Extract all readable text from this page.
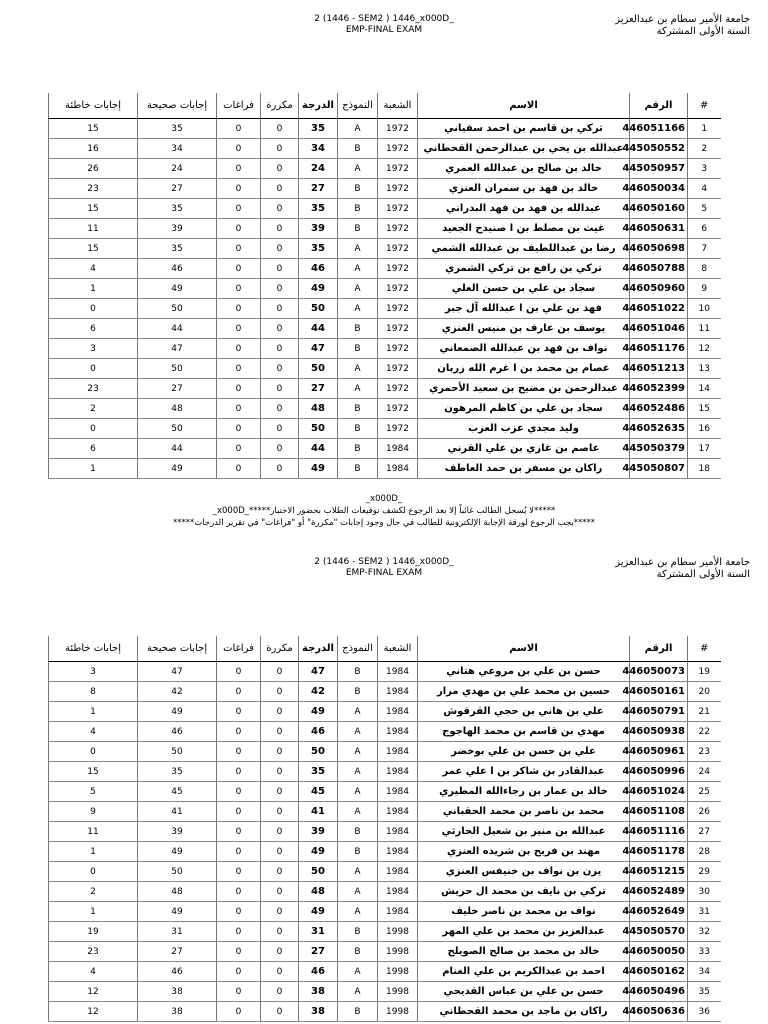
2 (1446 - SEM2 ) 1446_x000D_
EMP-FINAL EXAM
جامعة الأمير سطام بن عبدالعزيز
السنة الأولى المشتركة
#	الرقم	الاسم	الشعبة	النموذج	الدرجة	مكررة	فراغات	إجابات صحيحة	إجابات خاطئة
1	446051166	تركي بن قاسم بن احمد سفياني	1972	A	35	0	0	35	15
2	445050552	عبدالله بن يحي بن عبدالرحمن القحطاني	1972	B	34	0	0	34	16
3	445050957	خالد بن صالح بن عبدالله العمري	1972	A	24	0	0	24	26
4	446050034	خالد بن فهد بن سمران العنزي	1972	B	27	0	0	27	23
5	446050160	عبدالله بن فهد بن فهد البدراني	1972	B	35	0	0	35	15
6	446050631	غيث بن مصلط بن ا صنيدح الجعيد	1972	B	39	0	0	39	11
7	446050698	رضا بن عبداللطيف بن عبدالله الشمي	1972	A	35	0	0	35	15
8	446050788	تركي بن رافع بن تركي الشمري	1972	A	46	0	0	46	4
9	446050960	سجاد بن علي بن حسن العلي	1972	A	49	0	0	49	1
10	446051022	فهد بن علي بن ا عبدالله آل جبر	1972	A	50	0	0	50	0
11	446051046	يوسف بن عارف بن منيس العنزي	1972	B	44	0	0	44	6
12	446051176	نواف بن فهد بن عبدالله الصمعاني	1972	B	47	0	0	47	3
13	446051213	عصام بن محمد بن ا غرم الله زربان	1972	A	50	0	0	50	0
14	446052399	عبدالرحمن بن مضيح بن سعيد الأحمري	1972	A	27	0	0	27	23
15	446052486	سجاد بن علي بن كاظم المرهون	1972	B	48	0	0	48	2
16	446052635	وليد مجدي عزب العزب	1972	B	50	0	0	50	0
17	445050379	عاصم بن غازي بن علي القرني	1984	B	44	0	0	44	6
18	445050807	راكان بن مسفر بن حمد العاطف	1984	B	49	0	0	49	1
_x000D_
*****لا يُسجل الطالب غائباً إلا بعد الرجوع لكشف توقيعات الطلاب بحضور الاختبار*****_x000D_
*****يجب الرجوع لورقة الإجابة الإلكترونية للطالب في حال وجود إجابات "مكررة" أو "فراغات" في تقرير الدرجات*****
2 (1446 - SEM2 ) 1446_x000D_
EMP-FINAL EXAM
جامعة الأمير سطام بن عبدالعزيز
السنة الأولى المشتركة
#	الرقم	الاسم	الشعبة	النموذج	الدرجة	مكررة	فراغات	إجابات صحيحة	إجابات خاطئة
19	446050073	حسن بن علي بن مروعي هتاني	1984	B	47	0	0	47	3
20	446050161	حسين بن محمد علي بن مهدي مرار	1984	B	42	0	0	42	8
21	446050791	علي بن هاني بن حجي القرقوش	1984	A	49	0	0	49	1
22	446050938	مهدي بن قاسم بن محمد الهاجوج	1984	A	46	0	0	46	4
23	446050961	علي بن حسن بن علي بوخضر	1984	A	50	0	0	50	0
24	446050996	عبدالقادر بن شاكر بن ا علي عمر	1984	A	35	0	0	35	15
25	446051024	خالد بن عمار بن رجاءالله المطيري	1984	A	45	0	0	45	5
26	446051108	محمد بن ناصر بن محمد الحقباني	1984	A	41	0	0	41	9
27	446051116	عبدالله بن منير بن شعيل الحارثي	1984	B	39	0	0	39	11
28	446051178	مهند بن فريح بن شريده العنزي	1984	B	49	0	0	49	1
29	446051215	يزن بن نواف بن خنيفس العنزي	1984	A	50	0	0	50	0
30	446052489	تركي بن نايف بن محمد ال حريش	1984	A	48	0	0	48	2
31	446052649	نواف بن محمد بن ناصر خليف	1984	A	49	0	0	49	1
32	445050570	عبدالعزيز بن محمد بن علي المهر	1998	B	31	0	0	31	19
33	446050050	خالد بن محمد بن صالح الصويلح	1998	B	27	0	0	27	23
34	446050162	احمد بن عبدالكريم بن علي الغنام	1998	A	46	0	0	46	4
35	446050496	حسن بن علي بن عباس القديحي	1998	A	38	0	0	38	12
36	446050636	راكان بن ماجد بن محمد القحطاني	1998	B	38	0	0	38	12
